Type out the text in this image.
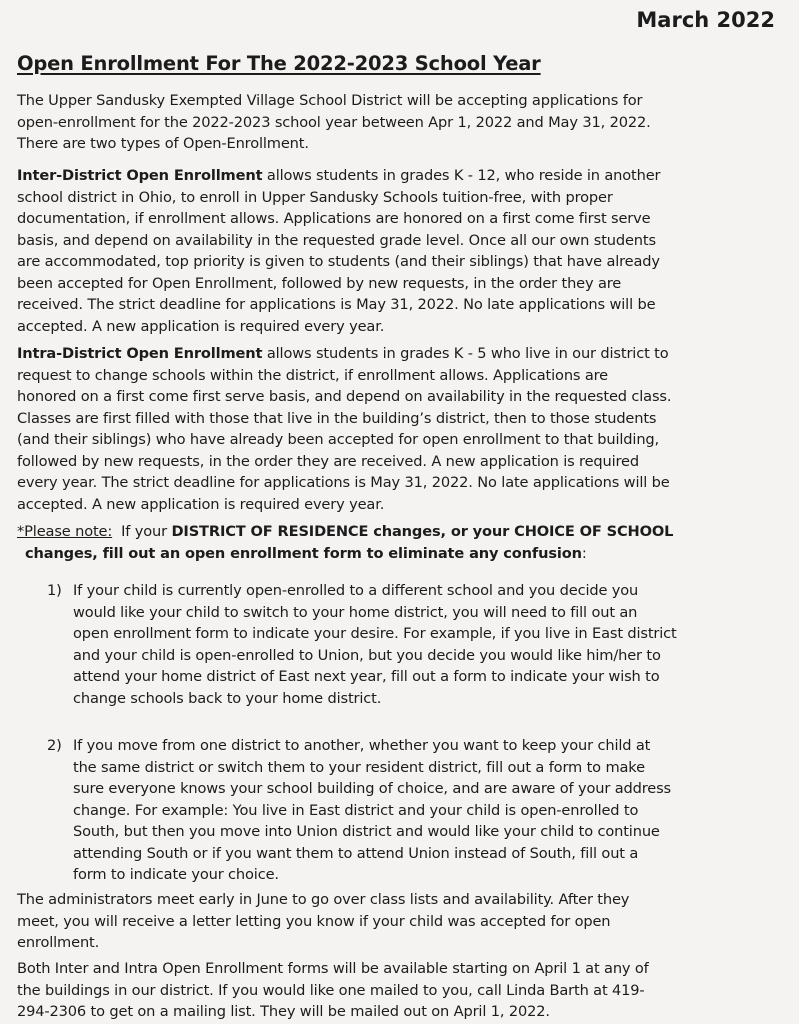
March 2022
Open Enrollment For The 2022-2023 School Year
The Upper Sandusky Exempted Village School District will be accepting applications for
open-enrollment for the 2022-2023 school year between Apr 1, 2022 and May 31, 2022.
There are two types of Open-Enrollment.
Inter-District Open Enrollment allows students in grades K - 12, who reside in another
school district in Ohio, to enroll in Upper Sandusky Schools tuition-free, with proper
documentation, if enrollment allows. Applications are honored on a first come first serve
basis, and depend on availability in the requested grade level. Once all our own students
are accommodated, top priority is given to students (and their siblings) that have already
been accepted for Open Enrollment, followed by new requests, in the order they are
received. The strict deadline for applications is May 31, 2022. No late applications will be
accepted. A new application is required every year.
Intra-District Open Enrollment allows students in grades K - 5 who live in our district to
request to change schools within the district, if enrollment allows. Applications are
honored on a first come first serve basis, and depend on availability in the requested class.
Classes are first filled with those that live in the building’s district, then to those students
(and their siblings) who have already been accepted for open enrollment to that building,
followed by new requests, in the order they are received. A new application is required
every year. The strict deadline for applications is May 31, 2022. No late applications will be
accepted. A new application is required every year.
*Please note:  If your DISTRICT OF RESIDENCE changes, or your CHOICE OF SCHOOL
changes, fill out an open enrollment form to eliminate any confusion:
1) If your child is currently open-enrolled to a different school and you decide you
would like your child to switch to your home district, you will need to fill out an
open enrollment form to indicate your desire. For example, if you live in East district
and your child is open-enrolled to Union, but you decide you would like him/her to
attend your home district of East next year, fill out a form to indicate your wish to
change schools back to your home district.
2) If you move from one district to another, whether you want to keep your child at
the same district or switch them to your resident district, fill out a form to make
sure everyone knows your school building of choice, and are aware of your address
change. For example: You live in East district and your child is open-enrolled to
South, but then you move into Union district and would like your child to continue
attending South or if you want them to attend Union instead of South, fill out a
form to indicate your choice.
The administrators meet early in June to go over class lists and availability. After they
meet, you will receive a letter letting you know if your child was accepted for open
enrollment.
Both Inter and Intra Open Enrollment forms will be available starting on April 1 at any of
the buildings in our district. If you would like one mailed to you, call Linda Barth at 419-
294-2306 to get on a mailing list. They will be mailed out on April 1, 2022.
